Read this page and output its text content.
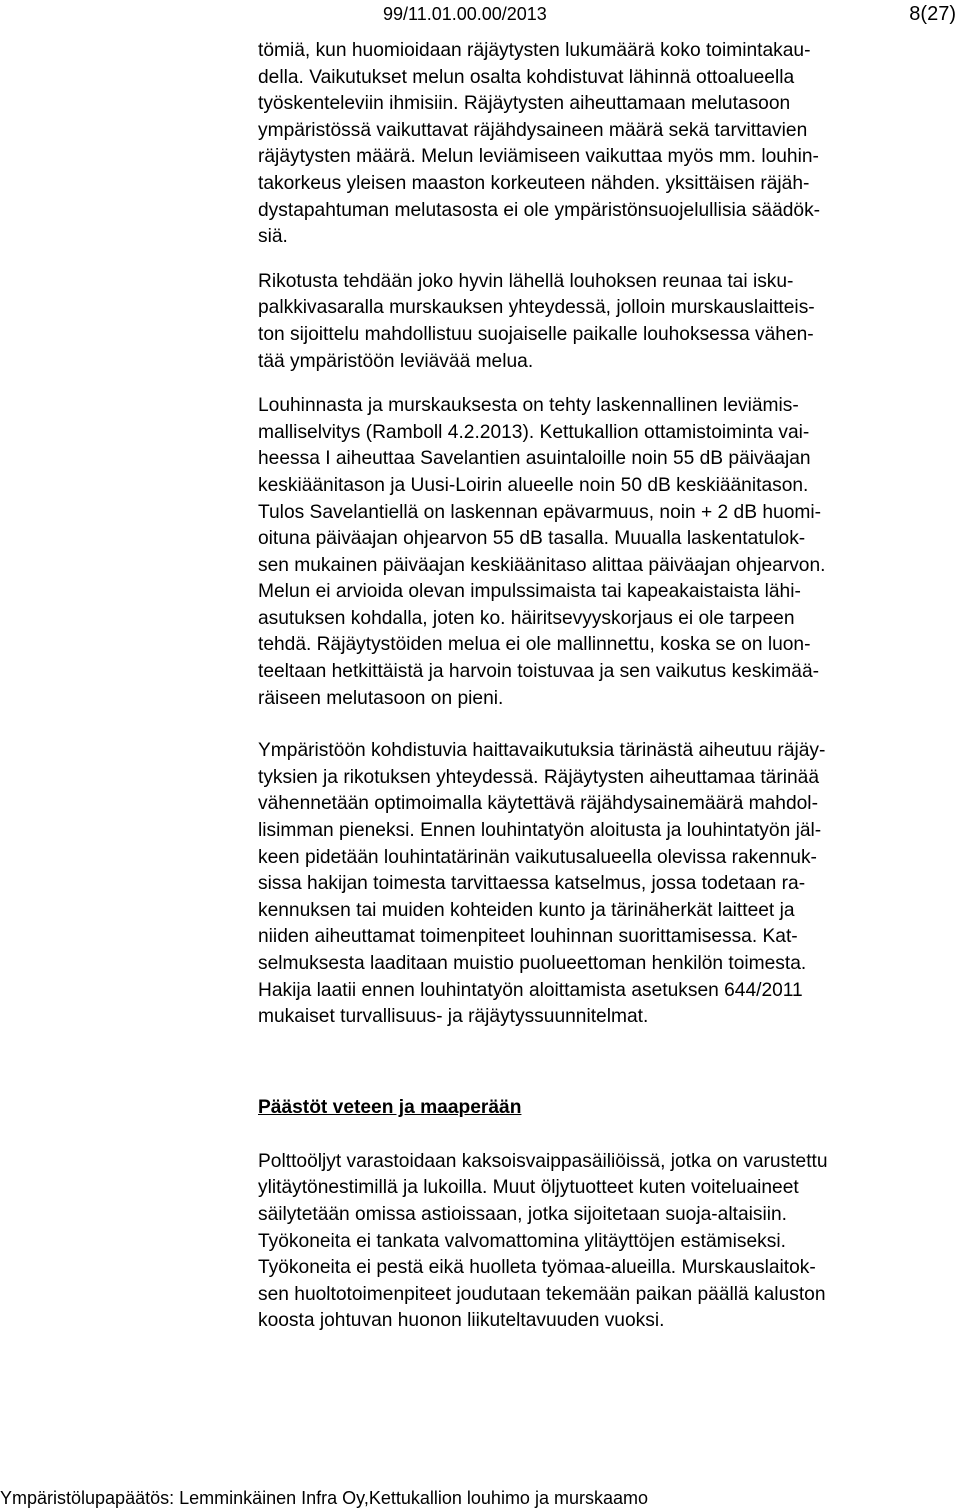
99/11.01.00.00/2013	8(27)

tömiä, kun huomioidaan räjäytysten lukumäärä koko toimintakau-
della. Vaikutukset melun osalta kohdistuvat lähinnä ottoalueella
työskenteleviin ihmisiin. Räjäytysten aiheuttamaan melutasoon
ympäristössä vaikuttavat räjähdysaineen määrä sekä tarvittavien
räjäytysten määrä. Melun leviämiseen vaikuttaa myös mm. louhin-
takorkeus yleisen maaston korkeuteen nähden. yksittäisen räjäh-
dystapahtuman melutasosta ei ole ympäristönsuojelullisia säädök-
siä.

Rikotusta tehdään joko hyvin lähellä louhoksen reunaa tai isku-
palkkivasaralla murskauksen yhteydessä, jolloin murskauslaitteis-
ton sijoittelu mahdollistuu suojaiselle paikalle louhoksessa vähen-
tää ympäristöön leviävää melua.

Louhinnasta ja murskauksesta on tehty laskennallinen leviämis-
malliselvitys (Ramboll 4.2.2013). Kettukallion ottamistoiminta vai-
heessa I aiheuttaa Savelantien asuintaloille noin 55 dB päiväajan
keskiäänitason ja Uusi-Loirin alueelle noin 50 dB keskiäänitason.
Tulos Savelantiellä on laskennan epävarmuus, noin + 2 dB huomi-
oituna päiväajan ohjearvon 55 dB tasalla. Muualla laskentatulok-
sen mukainen päiväajan keskiäänitaso alittaa päiväajan ohjearvon.
Melun ei arvioida olevan impulssimaista tai kapeakaistaista lähi-
asutuksen kohdalla, joten ko. häiritsevyyskorjaus ei ole tarpeen
tehdä. Räjäytystöiden melua ei ole mallinnettu, koska se on luon-
teeltaan hetkittäistä ja harvoin toistuvaa ja sen vaikutus keskimää-
räiseen melutasoon on pieni.

Ympäristöön kohdistuvia haittavaikutuksia tärinästä aiheutuu räjäy-
tyksien ja rikotuksen yhteydessä. Räjäytysten aiheuttamaa tärinää
vähennetään optimoimalla käytettävä räjähdysainemäärä mahdol-
lisimman pieneksi. Ennen louhintatyön aloitusta ja louhintatyön jäl-
keen pidetään louhintatärinän vaikutusalueella olevissa rakennuk-
sissa hakijan toimesta tarvittaessa katselmus, jossa todetaan ra-
kennuksen tai muiden kohteiden kunto ja tärinäherkät laitteet ja
niiden aiheuttamat toimenpiteet louhinnan suorittamisessa. Kat-
selmuksesta laaditaan muistio puolueettoman henkilön toimesta.
Hakija laatii ennen louhintatyön aloittamista asetuksen 644/2011
mukaiset turvallisuus- ja räjäytyssuunnitelmat.

Päästöt veteen ja maaperään

Polttoöljyt varastoidaan kaksoisvaippasäiliöissä, jotka on varustettu
ylitäytönestimillä ja lukoilla. Muut öljytuotteet kuten voiteluaineet
säilytetään omissa astioissaan, jotka sijoitetaan suoja-altaisiin.
Työkoneita ei tankata valvomattomina ylitäyttöjen estämiseksi.
Työkoneita ei pestä eikä huolleta työmaa-alueilla. Murskauslaitok-
sen huoltotoimenpiteet joudutaan tekemään paikan päällä kaluston
koosta johtuvan huonon liikuteltavuuden vuoksi.

Ympäristölupapäätös: Lemminkäinen Infra Oy,Kettukallion louhimo ja murskaamo
